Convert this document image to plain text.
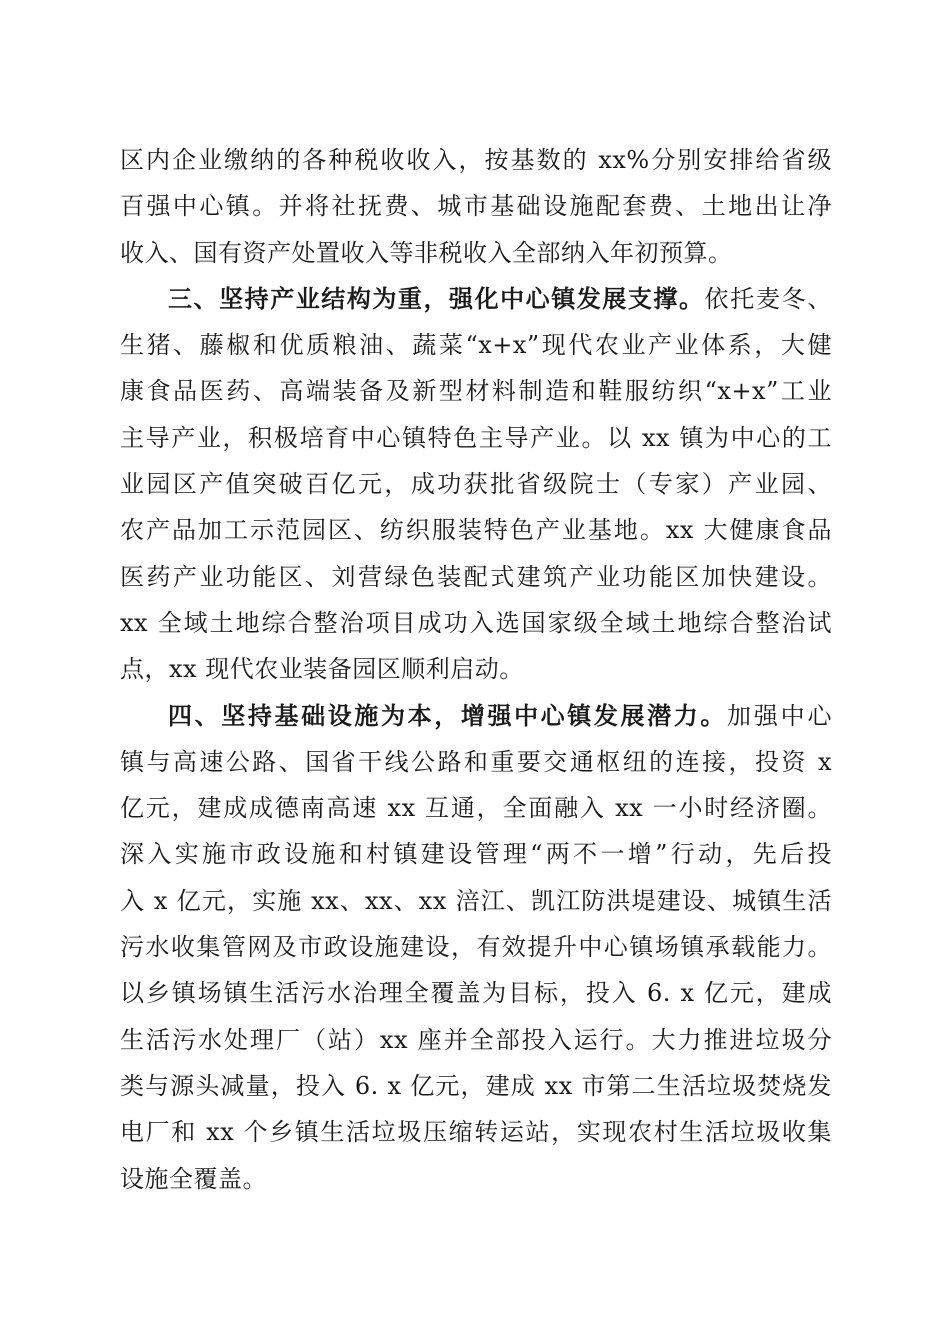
区内企业缴纳的各种税收收入，按基数的 xx%分别安排给省级
百强中心镇。并将社抚费、城市基础设施配套费、土地出让净
收入、国有资产处置收入等非税收入全部纳入年初预算。
三、坚持产业结构为重，强化中心镇发展支撑。依托麦冬、
生猪、藤椒和优质粮油、蔬菜“x+x”现代农业产业体系，大健
康食品医药、高端装备及新型材料制造和鞋服纺织“x+x”工业
主导产业，积极培育中心镇特色主导产业。以 xx 镇为中心的工
业园区产值突破百亿元，成功获批省级院士（专家）产业园、
农产品加工示范园区、纺织服装特色产业基地。xx 大健康食品
医药产业功能区、刘营绿色装配式建筑产业功能区加快建设。
xx 全域土地综合整治项目成功入选国家级全域土地综合整治试
点，xx 现代农业装备园区顺利启动。
四、坚持基础设施为本，增强中心镇发展潜力。加强中心
镇与高速公路、国省干线公路和重要交通枢纽的连接，投资 x
亿元，建成成德南高速 xx 互通，全面融入 xx 一小时经济圈。
深入实施市政设施和村镇建设管理“两不一增”行动，先后投
入 x 亿元，实施 xx、xx、xx 涪江、凯江防洪堤建设、城镇生活
污水收集管网及市政设施建设，有效提升中心镇场镇承载能力。
以乡镇场镇生活污水治理全覆盖为目标，投入 6. x 亿元，建成
生活污水处理厂（站）xx 座并全部投入运行。大力推进垃圾分
类与源头减量，投入 6. x 亿元，建成 xx 市第二生活垃圾焚烧发
电厂和 xx 个乡镇生活垃圾压缩转运站，实现农村生活垃圾收集
设施全覆盖。
